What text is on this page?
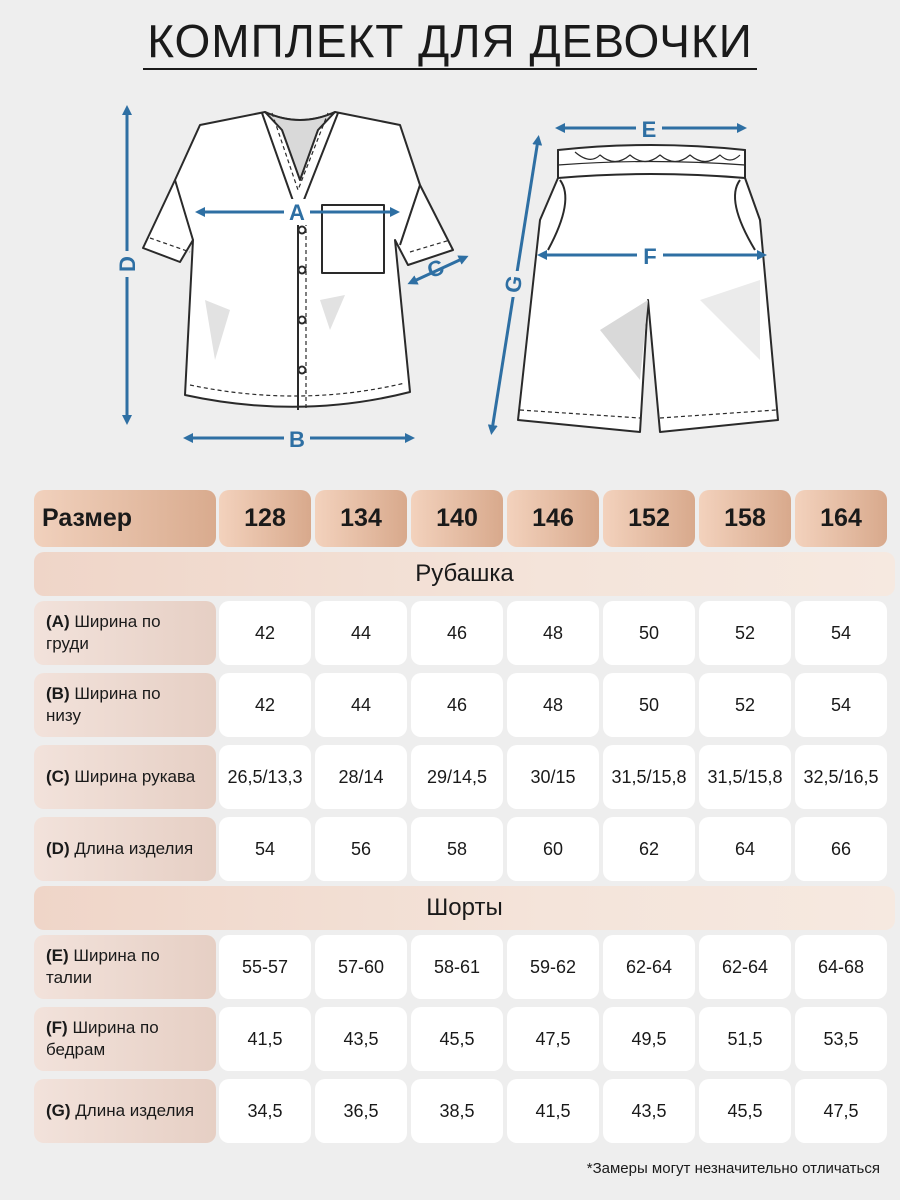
КОМПЛЕКТ ДЛЯ ДЕВОЧКИ
A
B
C
D
E
F
G
Размер	128	134	140	146	152	158	164
Рубашка
(A) Ширина по
груди
42	44	46	48	50	52	54
(B) Ширина по
низу
42	44	46	48	50	52	54
(C) Ширина рукава	26,5/13,3	28/14	29/14,5	30/15	31,5/15,8	31,5/15,8	32,5/16,5
(D) Длина изделия	54	56	58	60	62	64	66
Шорты
(E) Ширина по
талии
55-57	57-60	58-61	59-62	62-64	62-64	64-68
(F) Ширина по
бедрам
41,5	43,5	45,5	47,5	49,5	51,5	53,5
(G) Длина изделия	34,5	36,5	38,5	41,5	43,5	45,5	47,5
*Замеры могут незначительно отличаться
